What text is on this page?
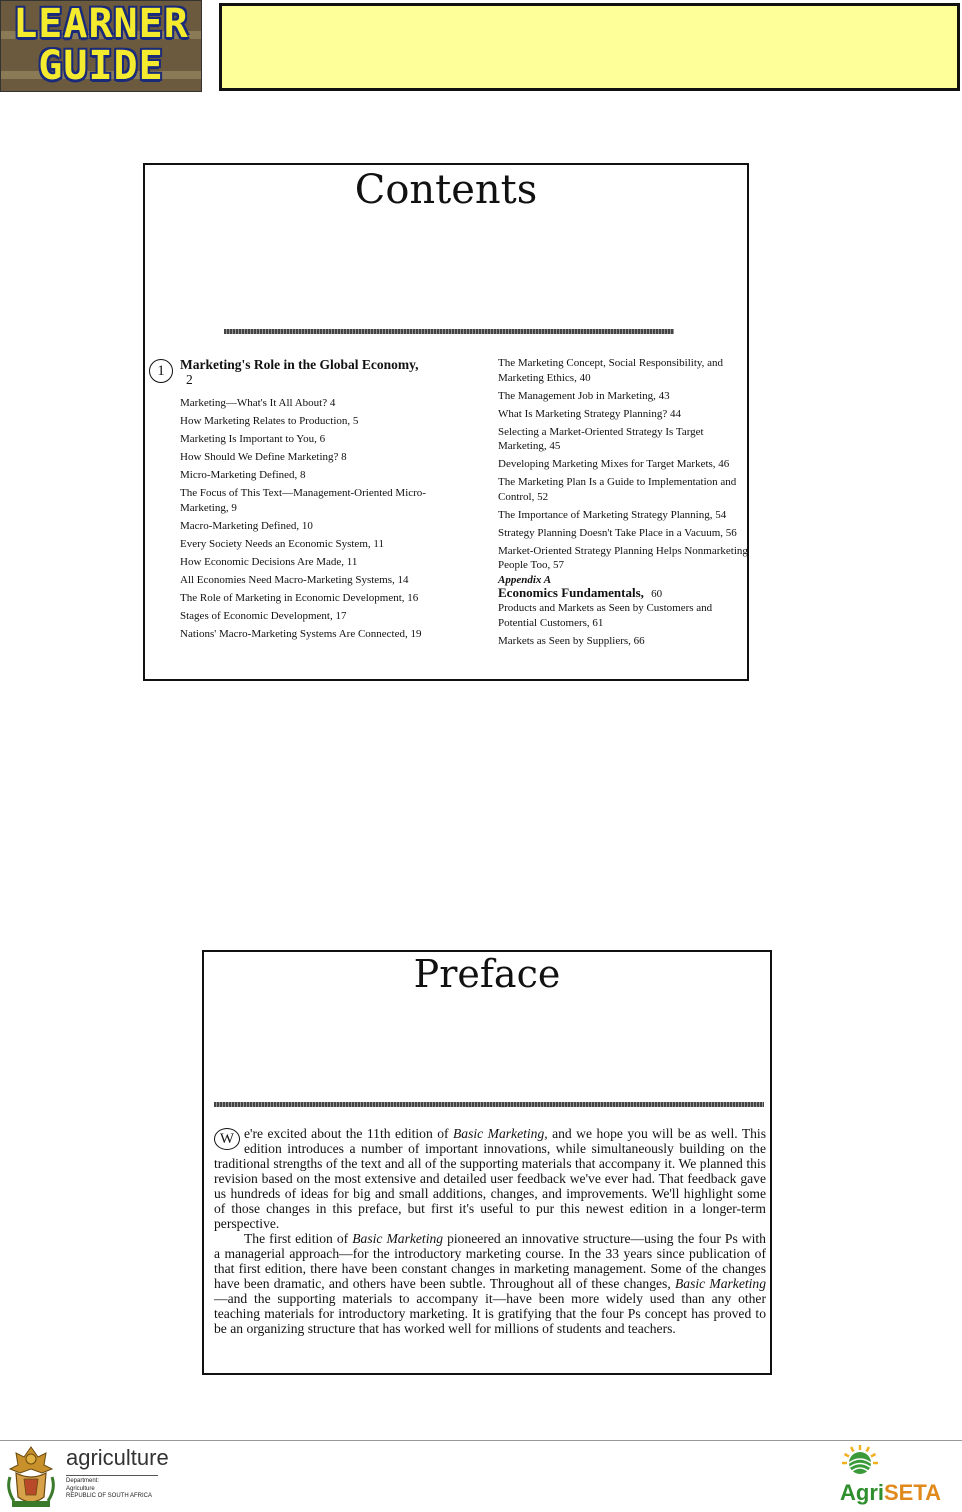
LEARNER
GUIDE
Contents
1	Marketing's Role in the Global Economy, 2
Marketing—What's It All About? 4
How Marketing Relates to Production, 5
Marketing Is Important to You, 6
How Should We Define Marketing? 8
Micro-Marketing Defined, 8
The Focus of This Text—Management-Oriented Micro-Marketing, 9
Macro-Marketing Defined, 10
Every Society Needs an Economic System, 11
How Economic Decisions Are Made, 11
All Economies Need Macro-Marketing Systems, 14
The Role of Marketing in Economic Development, 16
Stages of Economic Development, 17
Nations' Macro-Marketing Systems Are Connected, 19
The Marketing Concept, Social Responsibility, and Marketing Ethics, 40
The Management Job in Marketing, 43
What Is Marketing Strategy Planning? 44
Selecting a Market-Oriented Strategy Is Target Marketing, 45
Developing Marketing Mixes for Target Markets, 46
The Marketing Plan Is a Guide to Implementation and Control, 52
The Importance of Marketing Strategy Planning, 54
Strategy Planning Doesn't Take Place in a Vacuum, 56
Market-Oriented Strategy Planning Helps Nonmarketing People Too, 57
Appendix A
Economics Fundamentals, 60
Products and Markets as Seen by Customers and Potential Customers, 61
Markets as Seen by Suppliers, 66
Preface

W e're excited about the 11th edition of Basic Marketing, and we hope you will be as well. This edition introduces a number of important innovations, while simultaneously building on the traditional strengths of the text and all of the supporting materials that accompany it. We planned this revision based on the most extensive and detailed user feedback we've ever had. That feedback gave us hundreds of ideas for big and small additions, changes, and improvements. We'll highlight some of those changes in this preface, but first it's useful to pur this newest edition in a longer-term perspective.

The first edition of Basic Marketing pioneered an innovative structure—using the four Ps with a managerial approach—for the introductory marketing course. In the 33 years since publication of that first edition, there have been constant changes in marketing management. Some of the changes have been dramatic, and others have been subtle. Throughout all of these changes, Basic Marketing—and the supporting materials to accompany it—have been more widely used than any other teaching materials for introductory marketing. It is gratifying that the four Ps concept has proved to be an organizing structure that has worked well for millions of students and teachers.

agriculture
Department:
Agriculture
REPUBLIC OF SOUTH AFRICA	AgriSETA
